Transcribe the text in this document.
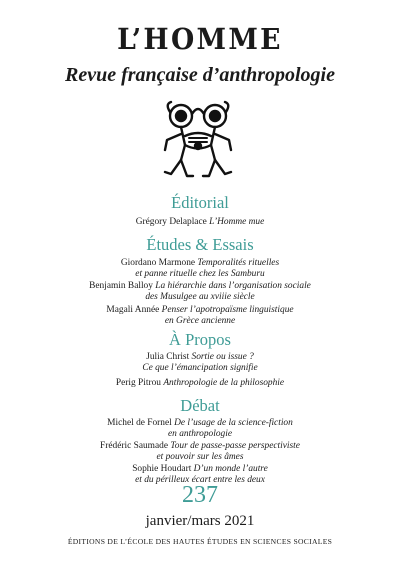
L’HOMME
Revue française d’anthropologie
Éditorial
Grégory Delaplace L’Homme mue
Études & Essais
Giordano Marmone Temporalités rituelles
et panne rituelle chez les Samburu
Benjamin Balloy La hiérarchie dans l’organisation sociale
des Musulgee au xviiie siècle
Magali Année Penser l’apotropaïsme linguistique
en Grèce ancienne
À Propos
Julia Christ Sortie ou issue ?
Ce que l’émancipation signifie
Perig Pitrou Anthropologie de la philosophie
Débat
Michel de Fornel De l’usage de la science-fiction
en anthropologie
Frédéric Saumade Tour de passe-passe perspectiviste
et pouvoir sur les âmes
Sophie Houdart D’un monde l’autre
et du périlleux écart entre les deux
237
janvier/mars 2021
ÉDITIONS DE L’ÉCOLE DES HAUTES ÉTUDES EN SCIENCES SOCIALES
